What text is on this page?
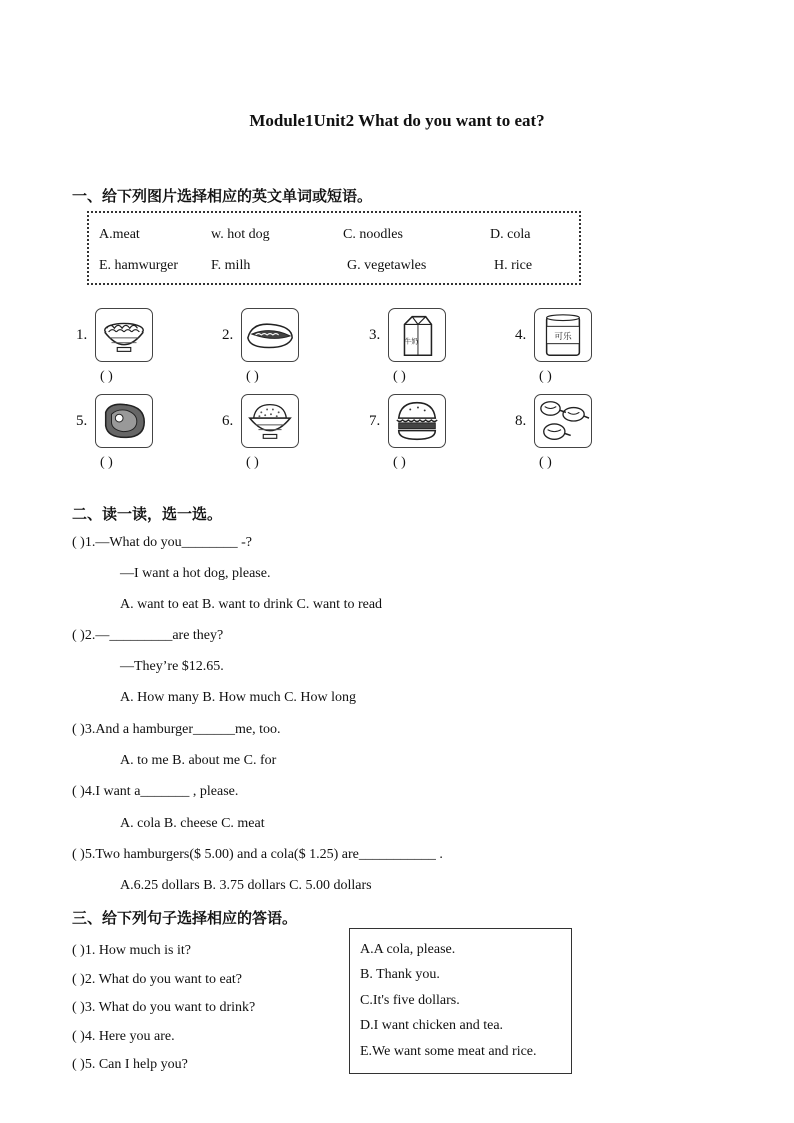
Module1Unit2 What do you want to eat?
一、给下列图片选择相应的英文单词或短语。
A.meat	w. hot dog	C. noodles	D. cola
E. hamwurger F. milh	G. vegetawles	H. rice
1.
( )
2.
( )
3.	牛奶
( )
4.	可乐
( )
5.
( )
6.
( )
7.
( )
8.
( )
二、读一读，选一选。
( )1.—What do you________ -?
—I want a hot dog, please.
A. want to eat B. want to drink C. want to read
( )2.—_________are they?
—They’re $12.65.
A. How many B. How much C. How long
( )3.And a hamburger______me, too.
A. to me B. about me C. for
( )4.I want a_______ , please.
A. cola B. cheese C. meat
( )5.Two hamburgers($ 5.00) and a cola($ 1.25) are___________ .
A.6.25 dollars B. 3.75 dollars C. 5.00 dollars
三、给下列句子选择相应的答语。
( )1. How much is it?
( )2. What do you want to eat?
( )3. What do you want to drink?
( )4. Here you are.
( )5. Can I help you?
A.A cola, please.
B. Thank you.
C.It's five dollars.
D.I want chicken and tea.
E.We want some meat and rice.
